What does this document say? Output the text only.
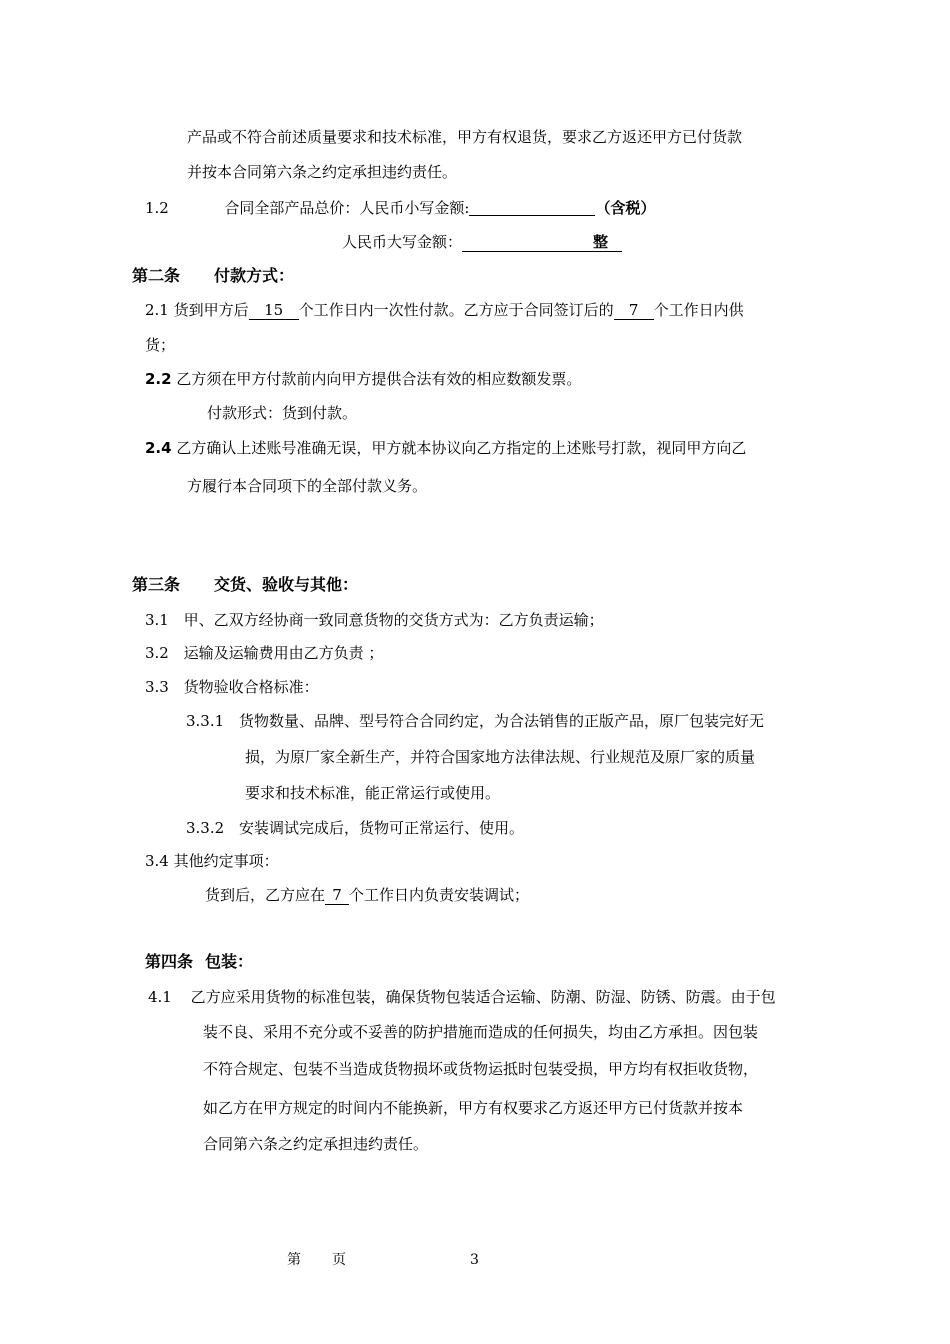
产品或不符合前述质量要求和技术标准，甲方有权退货，要求乙方返还甲方已付货款
并按本合同第六条之约定承担违约责任。
1.2	合同全部产品总价：人民币小写金额:	（含税）
人民币大写金额：	整
第二条 付款方式：
2.1 货到甲方后 15 个工作日内一次性付款。乙方应于合同签订后的 7 个工作日内供
货；
2.2 乙方须在甲方付款前内向甲方提供合法有效的相应数额发票。
付款形式：货到付款。
2.4 乙方确认上述账号准确无误，甲方就本协议向乙方指定的上述账号打款，视同甲方向乙
方履行本合同项下的全部付款义务。
第三条 交货、验收与其他：
3.1 甲、乙双方经协商一致同意货物的交货方式为：乙方负责运输；
3.2 运输及运输费用由乙方负责 ；
3.3 货物验收合格标准：
3.3.1 货物数量、品牌、型号符合合同约定，为合法销售的正版产品，原厂包装完好无
损，为原厂家全新生产，并符合国家地方法律法规、行业规范及原厂家的质量
要求和技术标准，能正常运行或使用。
3.3.2 安装调试完成后，货物可正常运行、使用。
3.4 其他约定事项：
货到后，乙方应在 7 个工作日内负责安装调试；
第四条 包装：
4.1 乙方应采用货物的标准包装，确保货物包装适合运输、防潮、防湿、防锈、防震。由于包
装不良、采用不充分或不妥善的防护措施而造成的任何损失，均由乙方承担。因包装
不符合规定、包装不当造成货物损坏或货物运抵时包装受损，甲方均有权拒收货物，
如乙方在甲方规定的时间内不能换新，甲方有权要求乙方返还甲方已付货款并按本
合同第六条之约定承担违约责任。
第 页	3
